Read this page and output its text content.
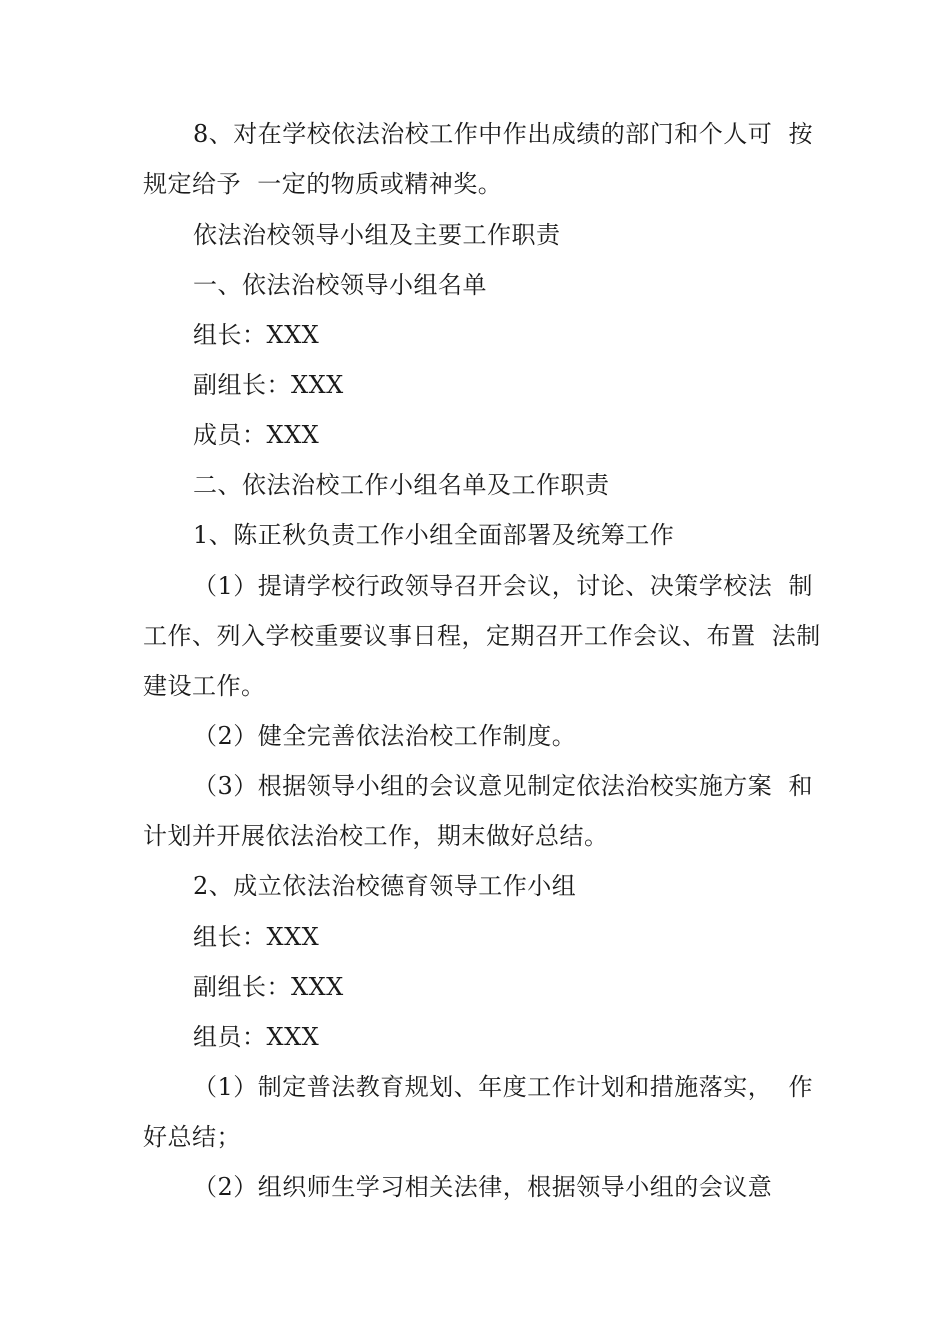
8、对在学校依法治校工作中作出成绩的部门和个人可  按
规定给予  一定的物质或精神奖。
依法治校领导小组及主要工作职责
一、依法治校领导小组名单
组长：XXX
副组长：XXX
成员：XXX
二、依法治校工作小组名单及工作职责
1、陈正秋负责工作小组全面部署及统筹工作
（1）提请学校行政领导召开会议，讨论、决策学校法  制
工作、列入学校重要议事日程，定期召开工作会议、布置  法制
建设工作。
（2）健全完善依法治校工作制度。
（3）根据领导小组的会议意见制定依法治校实施方案  和
计划并开展依法治校工作，期末做好总结。
2、成立依法治校德育领导工作小组
组长：XXX
副组长：XXX
组员：XXX
（1）制定普法教育规划、年度工作计划和措施落实，  作
好总结；
（2）组织师生学习相关法律，根据领导小组的会议意
